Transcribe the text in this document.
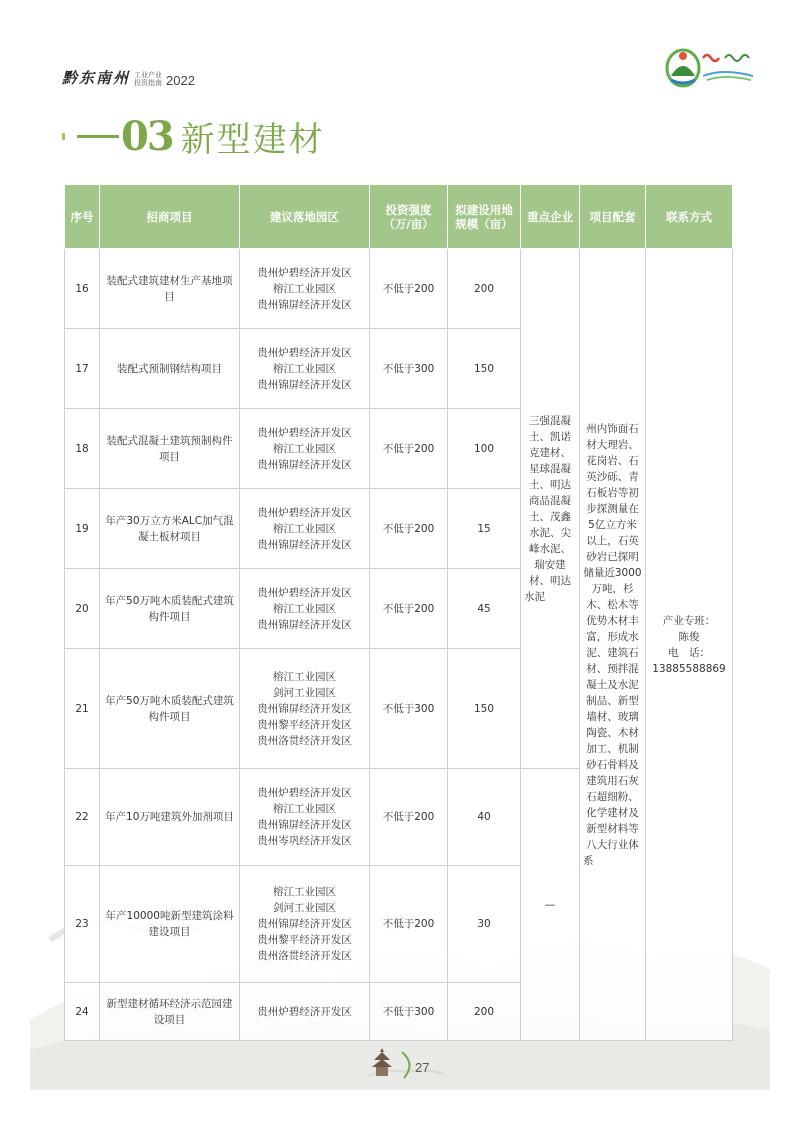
黔东南州 工业产业
投资指南 2022
03 新型建材
序号	招商项目	建议落地园区	投资强度（万/亩）	拟建设用地规模（亩）	重点企业	项目配套	联系方式
16	装配式建筑建材生产基地项目	贵州炉碧经济开发区
榕江工业园区
贵州锦屏经济开发区	不低于200	200	三强混凝土、凯诺克建材、星球混凝土、明达商品混凝土、茂鑫水泥、尖峰水泥、瑞安建材、明达水泥	州内饰面石材大理岩、花岗岩、石英沙砾、青石板岩等初步探测量在5亿立方米以上，石英砂岩已探明储量近3000万吨，杉木、松木等优势木材丰富，形成水泥、建筑石材、预拌混凝土及水泥制品、新型墙材、玻璃陶瓷、木材加工、机制砂石骨料及建筑用石灰石超细粉、化学建材及新型材料等八大行业体系	产业专班：
陈俊
电　话：
13885588869

17	装配式预制钢结构项目	贵州炉碧经济开发区
榕江工业园区
贵州锦屏经济开发区	不低于300	150			
18	装配式混凝土建筑预制构件项目	贵州炉碧经济开发区
榕江工业园区
贵州锦屏经济开发区	不低于200	100			
19	年产30万立方米ALC加气混凝土板材项目	贵州炉碧经济开发区
榕江工业园区
贵州锦屏经济开发区	不低于200	15			
20	年产50万吨木质装配式建筑构件项目	贵州炉碧经济开发区
榕江工业园区
贵州锦屏经济开发区	不低于200	45			
21	年产50万吨木质装配式建筑构件项目	榕江工业园区
剑河工业园区
贵州锦屏经济开发区
贵州黎平经济开发区
贵州洛贯经济开发区	不低于300	150			
22	年产10万吨建筑外加剂项目	贵州炉碧经济开发区
榕江工业园区
贵州锦屏经济开发区
贵州岑巩经济开发区	不低于200	40	—		
23	年产10000吨新型建筑涂料建设项目	榕江工业园区
剑河工业园区
贵州锦屏经济开发区
贵州黎平经济开发区
贵州洛贯经济开发区	不低于200	30			
24	新型建材循环经济示范园建设项目	贵州炉碧经济开发区	不低于300	200			
27
